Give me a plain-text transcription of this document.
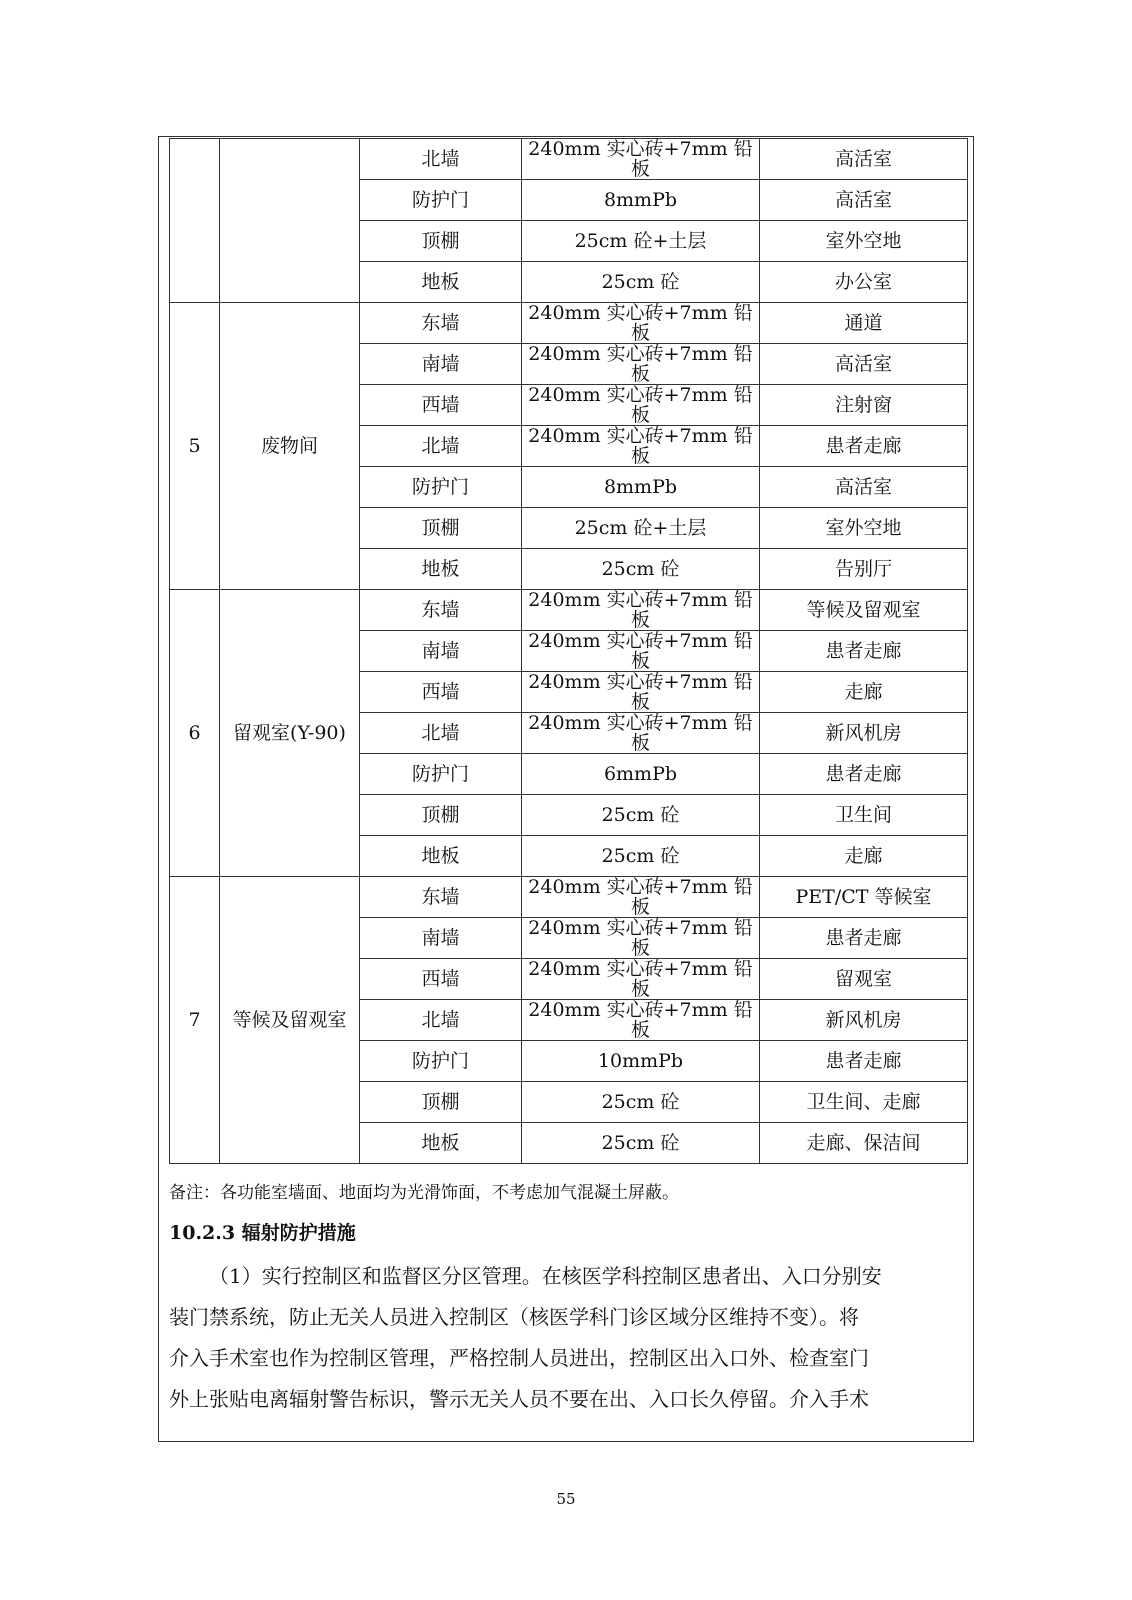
		北墙	240mm 实心砖+7mm 铅板	高活室
		防护门	8mmPb	高活室
		顶棚	25cm 砼+土层	室外空地
		地板	25cm 砼	办公室
5	废物间	东墙	240mm 实心砖+7mm 铅板	通道
		南墙	240mm 实心砖+7mm 铅板	高活室
		西墙	240mm 实心砖+7mm 铅板	注射窗
		北墙	240mm 实心砖+7mm 铅板	患者走廊
		防护门	8mmPb	高活室
		顶棚	25cm 砼+土层	室外空地
		地板	25cm 砼	告别厅
6	留观室(Y-90)	东墙	240mm 实心砖+7mm 铅板	等候及留观室
		南墙	240mm 实心砖+7mm 铅板	患者走廊
		西墙	240mm 实心砖+7mm 铅板	走廊
		北墙	240mm 实心砖+7mm 铅板	新风机房
		防护门	6mmPb	患者走廊
		顶棚	25cm 砼	卫生间
		地板	25cm 砼	走廊
7	等候及留观室	东墙	240mm 实心砖+7mm 铅板	PET/CT 等候室
		南墙	240mm 实心砖+7mm 铅板	患者走廊
		西墙	240mm 实心砖+7mm 铅板	留观室
		北墙	240mm 实心砖+7mm 铅板	新风机房
		防护门	10mmPb	患者走廊
		顶棚	25cm 砼	卫生间、走廊
		地板	25cm 砼	走廊、保洁间
备注：各功能室墙面、地面均为光滑饰面，不考虑加气混凝土屏蔽。
10.2.3 辐射防护措施
（1）实行控制区和监督区分区管理。在核医学科控制区患者出、入口分别安
装门禁系统，防止无关人员进入控制区（核医学科门诊区域分区维持不变）。将
介入手术室也作为控制区管理，严格控制人员进出，控制区出入口外、检查室门
外上张贴电离辐射警告标识，警示无关人员不要在出、入口长久停留。介入手术
55
